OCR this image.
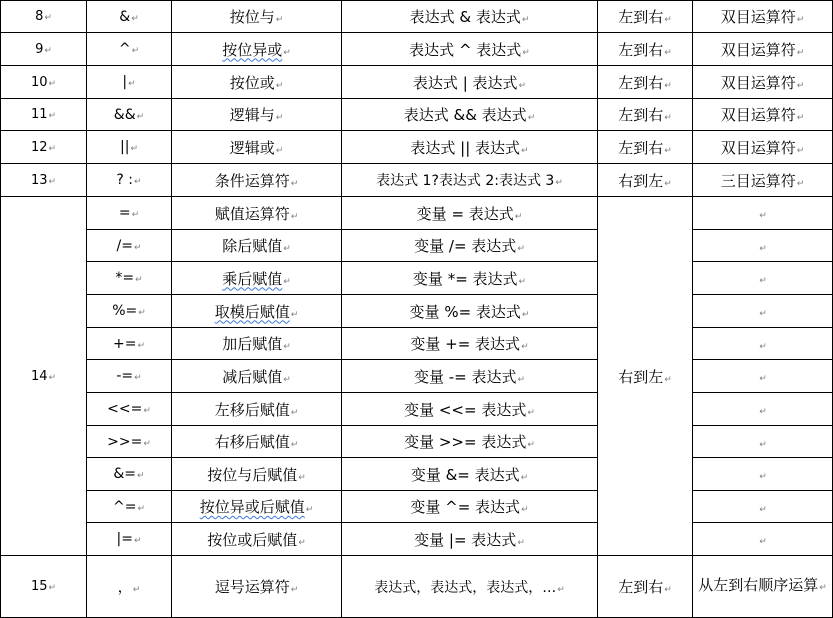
8↵	&↵	按位与↵	表达式 & 表达式↵	左到右↵	双目运算符↵
9↵	^↵	按位异或↵	表达式 ^ 表达式↵	左到右↵	双目运算符↵
10↵	|↵	按位或↵	表达式 | 表达式↵	左到右↵	双目运算符↵
11↵	&&↵	逻辑与↵	表达式 && 表达式↵	左到右↵	双目运算符↵
12↵	||↵	逻辑或↵	表达式 || 表达式↵	左到右↵	双目运算符↵
13↵	? :↵	条件运算符↵	表达式 1?表达式 2:表达式 3↵	右到左↵	三目运算符↵
14↵	=↵	赋值运算符↵	变量 = 表达式↵	右到左↵	↵
	/=↵	除后赋值↵	变量 /= 表达式↵		↵
	*=↵	乘后赋值↵	变量 *= 表达式↵		↵
	%=↵	取模后赋值↵	变量 %= 表达式↵		↵
	+=↵	加后赋值↵	变量 += 表达式↵		↵
	-=↵	减后赋值↵	变量 -= 表达式↵		↵
	<<=↵	左移后赋值↵	变量 <<= 表达式↵		↵
	>>=↵	右移后赋值↵	变量 >>= 表达式↵		↵
	&=↵	按位与后赋值↵	变量 &= 表达式↵		↵
	^=↵	按位异或后赋值↵	变量 ^= 表达式↵		↵
	|=↵	按位或后赋值↵	变量 |= 表达式↵		↵
15↵	，↵	逗号运算符↵	表达式，表达式，表达式，…↵	左到右↵	从左到右顺序运算↵
